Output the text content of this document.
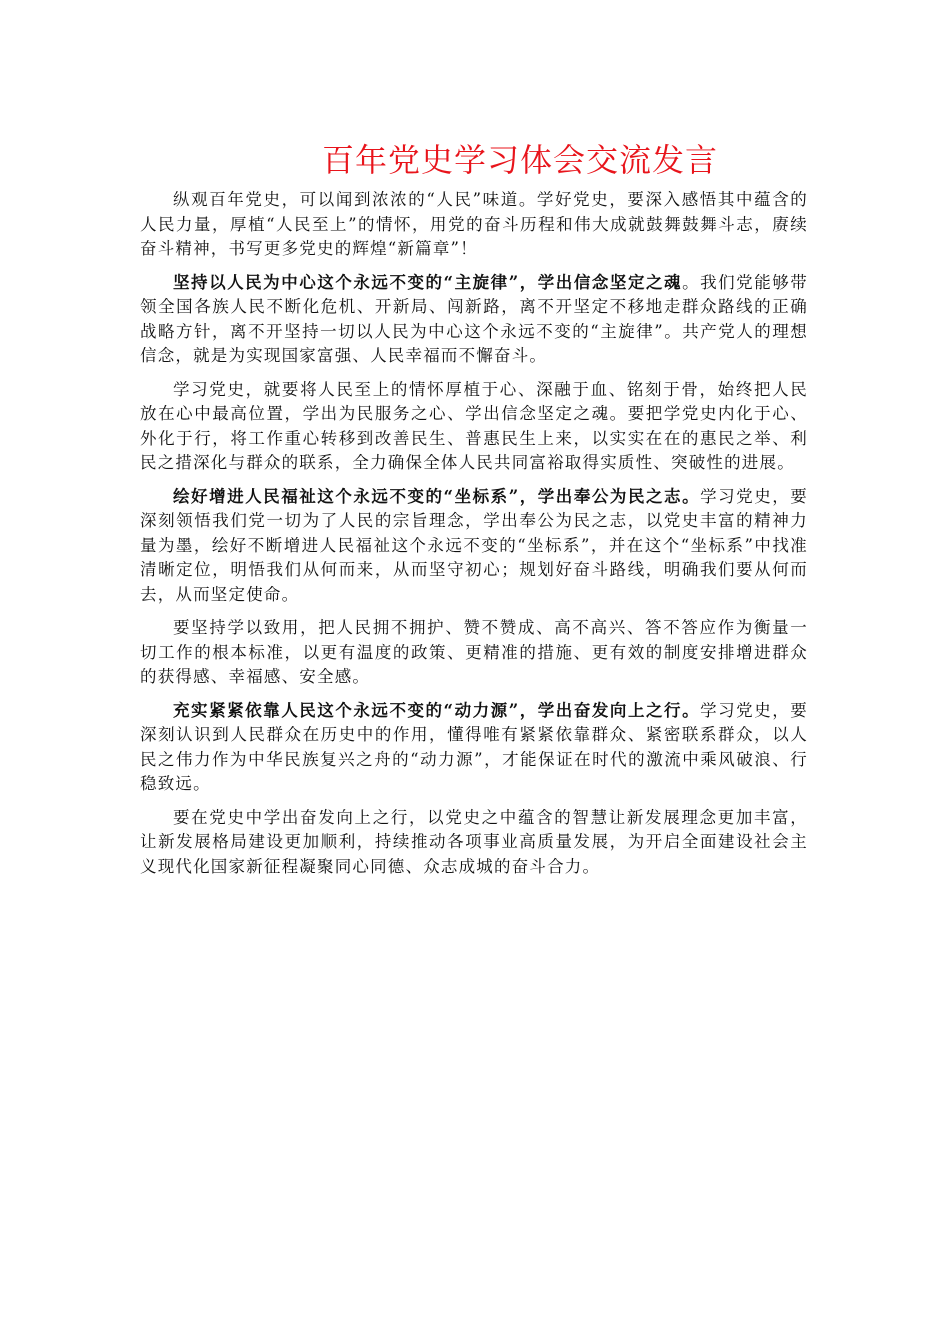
百年党史学习体会交流发言

纵观百年党史，可以闻到浓浓的“人民”味道。学好党史，要深入感悟其中蕴含的人民力量，厚植“人民至上”的情怀，用党的奋斗历程和伟大成就鼓舞鼓舞斗志，赓续奋斗精神，书写更多党史的辉煌“新篇章”！

坚持以人民为中心这个永远不变的“主旋律”，学出信念坚定之魂。我们党能够带领全国各族人民不断化危机、开新局、闯新路，离不开坚定不移地走群众路线的正确战略方针，离不开坚持一切以人民为中心这个永远不变的“主旋律”。共产党人的理想信念，就是为实现国家富强、人民幸福而不懈奋斗。

学习党史，就要将人民至上的情怀厚植于心、深融于血、铭刻于骨，始终把人民放在心中最高位置，学出为民服务之心、学出信念坚定之魂。要把学党史内化于心、外化于行，将工作重心转移到改善民生、普惠民生上来，以实实在在的惠民之举、利民之措深化与群众的联系，全力确保全体人民共同富裕取得实质性、突破性的进展。

绘好增进人民福祉这个永远不变的“坐标系”，学出奉公为民之志。学习党史，要深刻领悟我们党一切为了人民的宗旨理念，学出奉公为民之志，以党史丰富的精神力量为墨，绘好不断增进人民福祉这个永远不变的“坐标系”，并在这个“坐标系”中找准清晰定位，明悟我们从何而来，从而坚守初心；规划好奋斗路线，明确我们要从何而去，从而坚定使命。

要坚持学以致用，把人民拥不拥护、赞不赞成、高不高兴、答不答应作为衡量一切工作的根本标准，以更有温度的政策、更精准的措施、更有效的制度安排增进群众的获得感、幸福感、安全感。

充实紧紧依靠人民这个永远不变的“动力源”，学出奋发向上之行。学习党史，要深刻认识到人民群众在历史中的作用，懂得唯有紧紧依靠群众、紧密联系群众，以人民之伟力作为中华民族复兴之舟的“动力源”，才能保证在时代的激流中乘风破浪、行稳致远。

要在党史中学出奋发向上之行，以党史之中蕴含的智慧让新发展理念更加丰富，让新发展格局建设更加顺利，持续推动各项事业高质量发展，为开启全面建设社会主义现代化国家新征程凝聚同心同德、众志成城的奋斗合力。
